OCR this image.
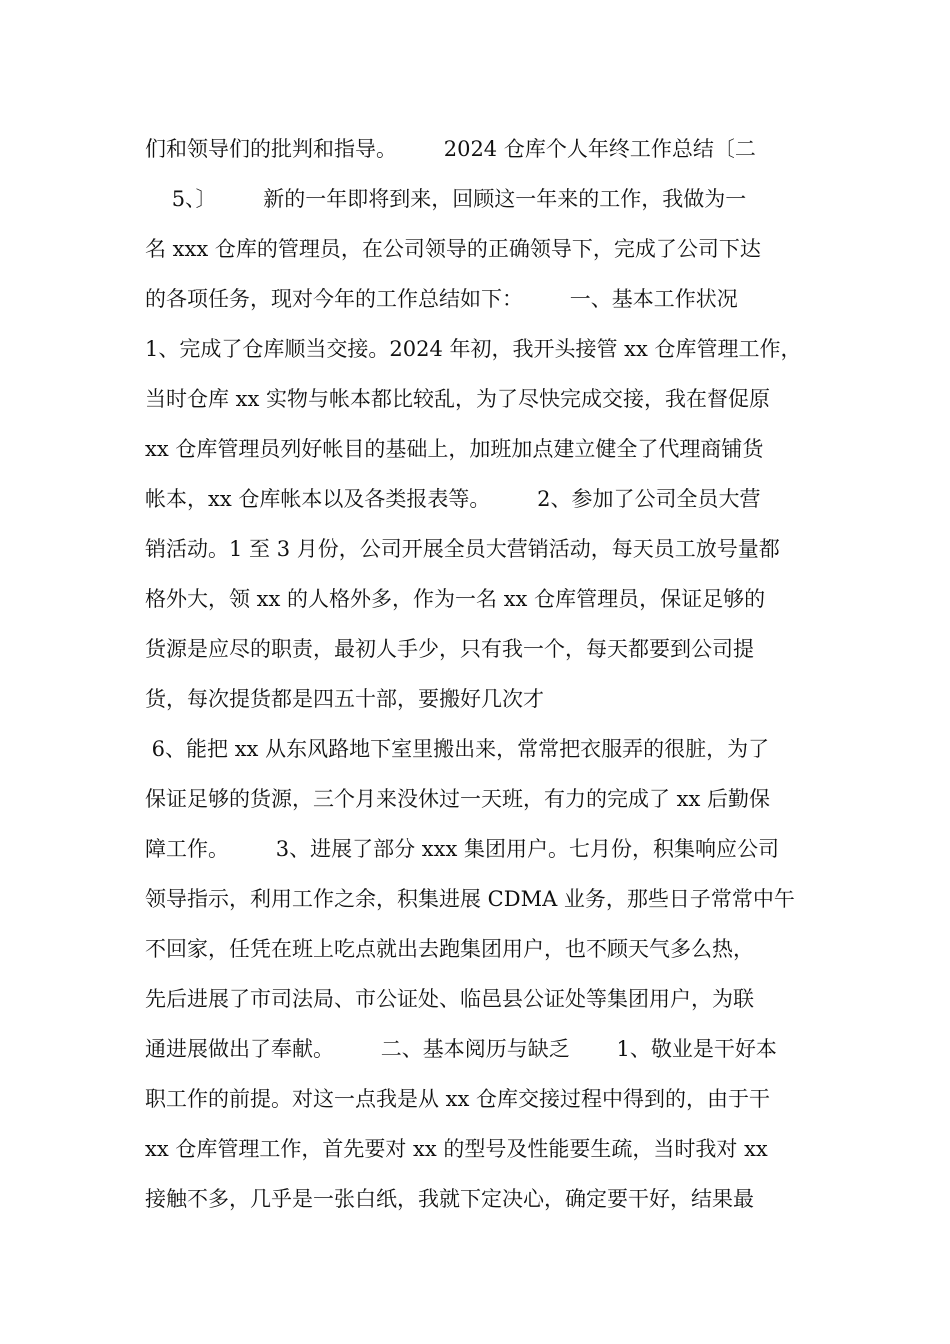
们和领导们的批判和指导。       2024 仓库个人年终工作总结〔二
5、〕       新的一年即将到来，回顾这一年来的工作，我做为一
名 xxx 仓库的管理员，在公司领导的正确领导下，完成了公司下达
的各项任务，现对今年的工作总结如下：       一、基本工作状况
1、完成了仓库顺当交接。2024 年初，我开头接管 xx 仓库管理工作，
当时仓库 xx 实物与帐本都比较乱，为了尽快完成交接，我在督促原
xx 仓库管理员列好帐目的基础上，加班加点建立健全了代理商铺货
帐本，xx 仓库帐本以及各类报表等。       2、参加了公司全员大营
销活动。1 至 3 月份，公司开展全员大营销活动，每天员工放号量都
格外大，领 xx 的人格外多，作为一名 xx 仓库管理员，保证足够的
货源是应尽的职责，最初人手少，只有我一个，每天都要到公司提
货，每次提货都是四五十部，要搬好几次才
6、能把 xx 从东风路地下室里搬出来，常常把衣服弄的很脏，为了
保证足够的货源，三个月来没休过一天班，有力的完成了 xx 后勤保
障工作。       3、进展了部分 xxx 集团用户。七月份，积集响应公司
领导指示，利用工作之余，积集进展 CDMA 业务，那些日子常常中午
不回家，任凭在班上吃点就出去跑集团用户，也不顾天气多么热，
先后进展了市司法局、市公证处、临邑县公证处等集团用户，为联
通进展做出了奉献。       二、基本阅历与缺乏       1、敬业是干好本
职工作的前提。对这一点我是从 xx 仓库交接过程中得到的，由于干
xx 仓库管理工作，首先要对 xx 的型号及性能要生疏，当时我对 xx
接触不多，几乎是一张白纸，我就下定决心，确定要干好，结果最
